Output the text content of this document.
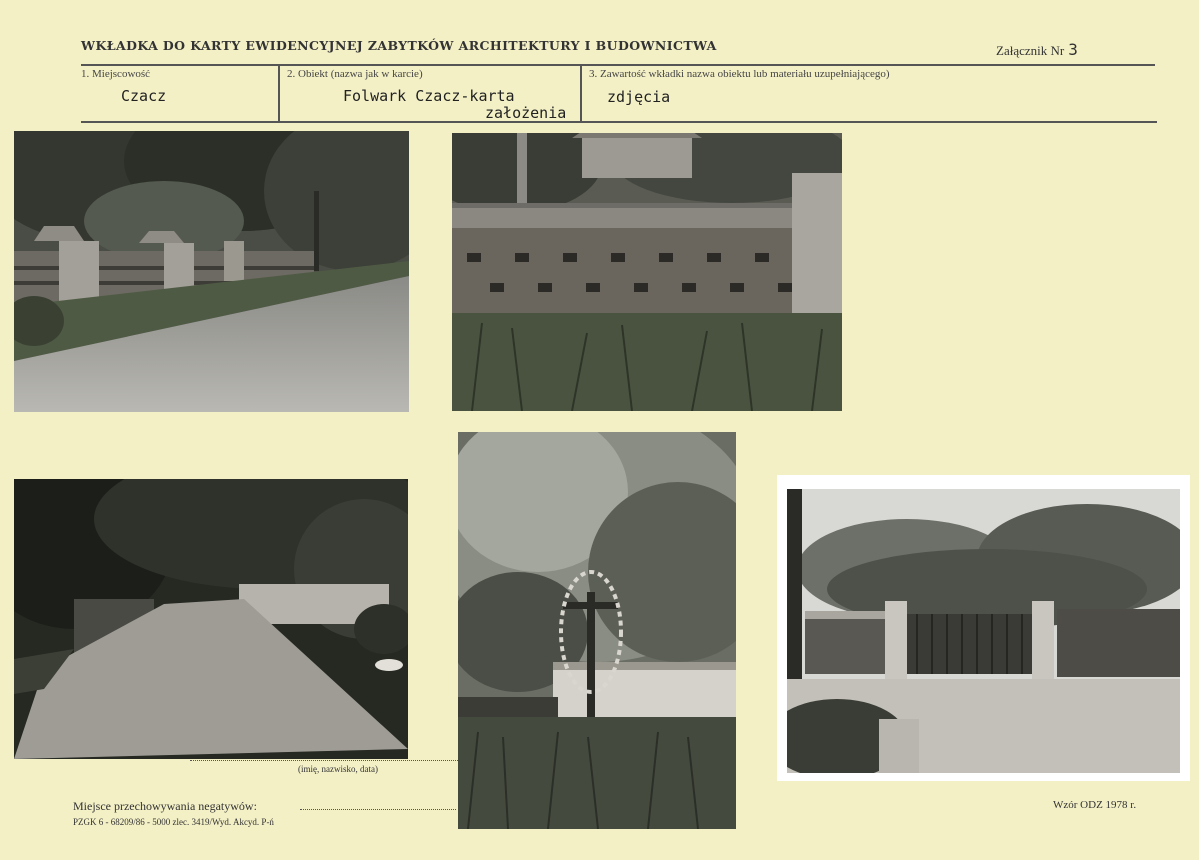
WKŁADKA DO KARTY EWIDENCYJNEJ ZABYTKÓW ARCHITEKTURY I BUDOWNICTWA	Załącznik Nr 3
1. Miejscowość
Czacz
2. Obiekt (nazwa jak w karcie)
Folwark Czacz-karta
założenia
3. Zawartość wkładki nazwa obiektu lub materiału uzupełniającego)
zdjęcia
(imię, nazwisko, data)
Miejsce przechowywania negatywów:
PZGK 6 - 68209/86 - 5000 zlec. 3419/Wyd. Akcyd. P-ń
Wzór ODZ 1978 r.
